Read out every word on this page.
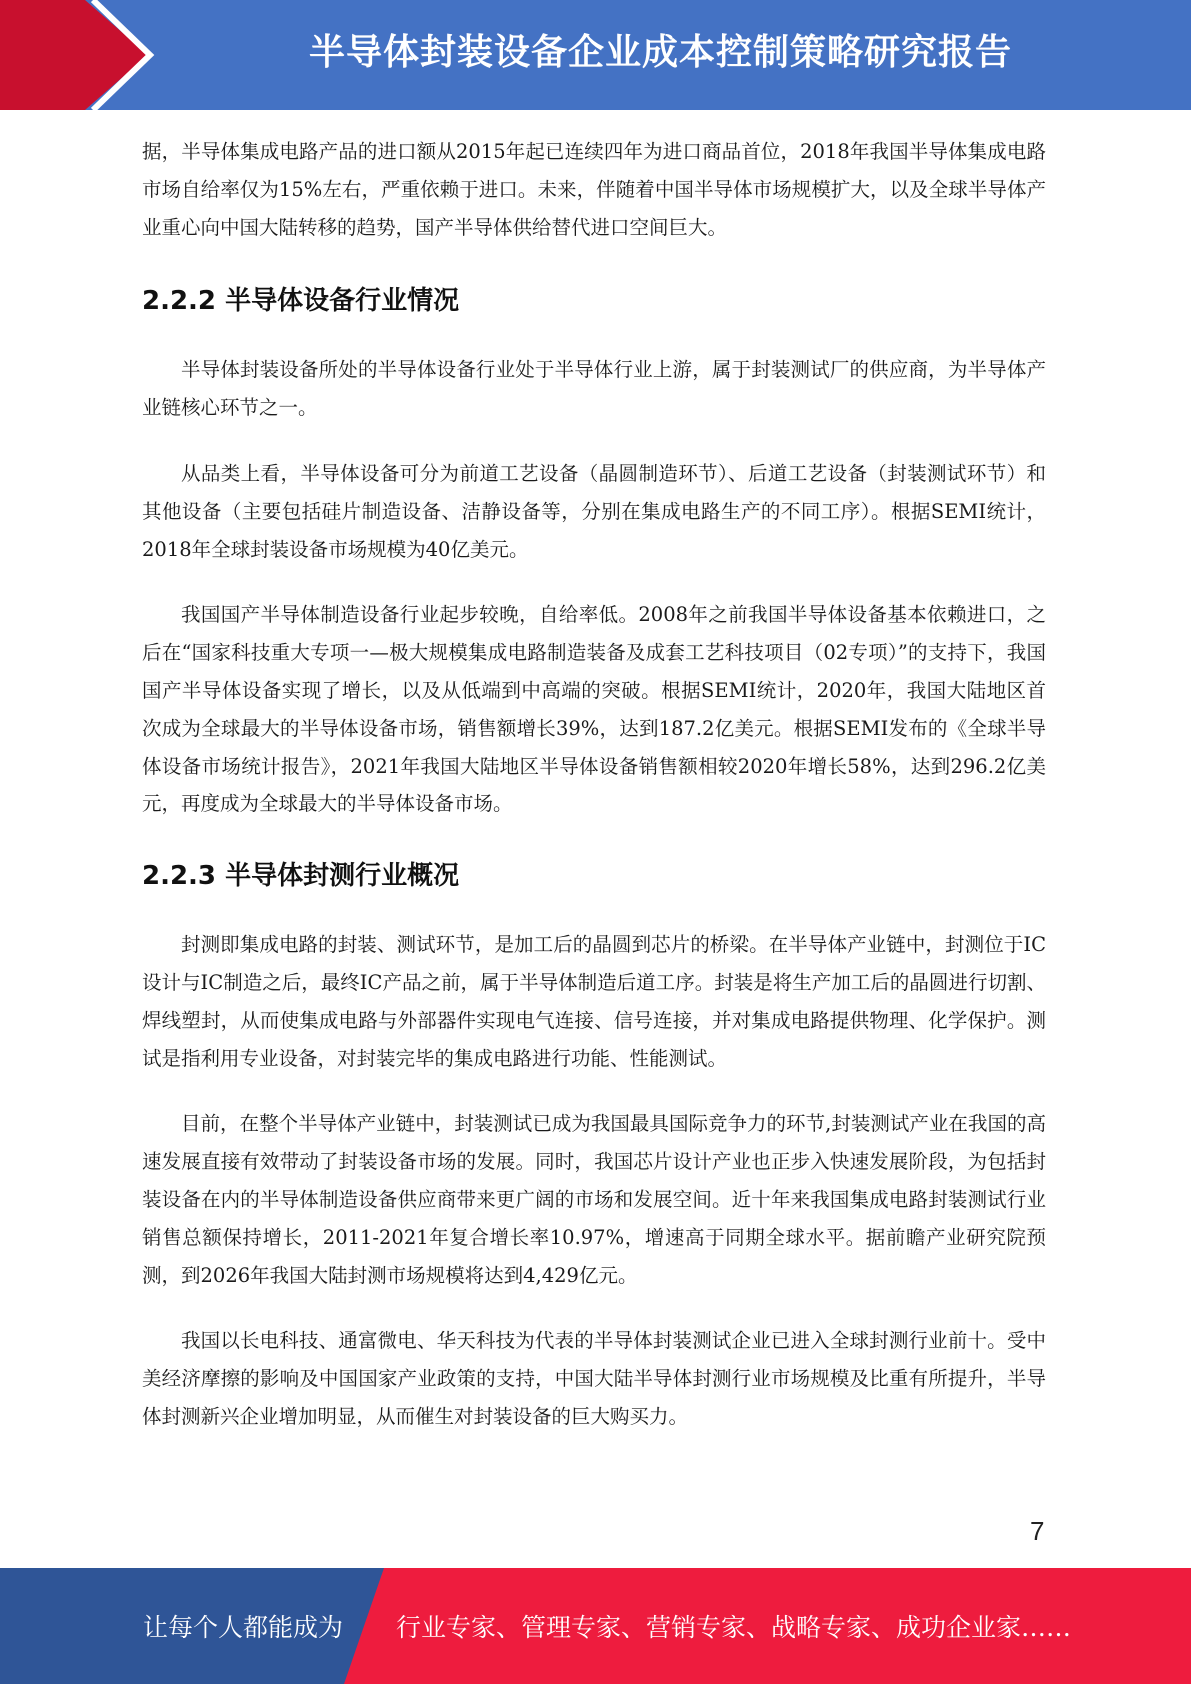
半导体封装设备企业成本控制策略研究报告

据，半导体集成电路产品的进口额从2015年起已连续四年为进口商品首位，2018年我国半导体集成电路市场自给率仅为15%左右，严重依赖于进口。未来，伴随着中国半导体市场规模扩大，以及全球半导体产业重心向中国大陆转移的趋势，国产半导体供给替代进口空间巨大。

2.2.2 半导体设备行业情况

半导体封装设备所处的半导体设备行业处于半导体行业上游，属于封装测试厂的供应商，为半导体产业链核心环节之一。

从品类上看，半导体设备可分为前道工艺设备（晶圆制造环节）、后道工艺设备（封装测试环节）和其他设备（主要包括硅片制造设备、洁静设备等，分别在集成电路生产的不同工序）。根据SEMI统计，2018年全球封装设备市场规模为40亿美元。

我国国产半导体制造设备行业起步较晚，自给率低。2008年之前我国半导体设备基本依赖进口，之后在“国家科技重大专项一—极大规模集成电路制造装备及成套工艺科技项目（02专项）”的支持下，我国国产半导体设备实现了增长，以及从低端到中高端的突破。根据SEMI统计，2020年，我国大陆地区首次成为全球最大的半导体设备市场，销售额增长39%，达到187.2亿美元。根据SEMI发布的《全球半导体设备市场统计报告》，2021年我国大陆地区半导体设备销售额相较2020年增长58%，达到296.2亿美元，再度成为全球最大的半导体设备市场。

2.2.3 半导体封测行业概况

封测即集成电路的封装、测试环节，是加工后的晶圆到芯片的桥梁。在半导体产业链中，封测位于IC设计与IC制造之后，最终IC产品之前，属于半导体制造后道工序。封装是将生产加工后的晶圆进行切割、焊线塑封，从而使集成电路与外部器件实现电气连接、信号连接，并对集成电路提供物理、化学保护。测试是指利用专业设备，对封装完毕的集成电路进行功能、性能测试。

目前，在整个半导体产业链中，封装测试已成为我国最具国际竞争力的环节,封装测试产业在我国的高速发展直接有效带动了封装设备市场的发展。同时，我国芯片设计产业也正步入快速发展阶段，为包括封装设备在内的半导体制造设备供应商带来更广阔的市场和发展空间。近十年来我国集成电路封装测试行业销售总额保持增长，2011-2021年复合增长率10.97%，增速高于同期全球水平。据前瞻产业研究院预测，到2026年我国大陆封测市场规模将达到4,429亿元。

我国以长电科技、通富微电、华天科技为代表的半导体封装测试企业已进入全球封测行业前十。受中美经济摩擦的影响及中国国家产业政策的支持，中国大陆半导体封测行业市场规模及比重有所提升，半导体封测新兴企业增加明显，从而催生对封装设备的巨大购买力。

7
让每个人都能成为 行业专家、管理专家、营销专家、战略专家、成功企业家……
